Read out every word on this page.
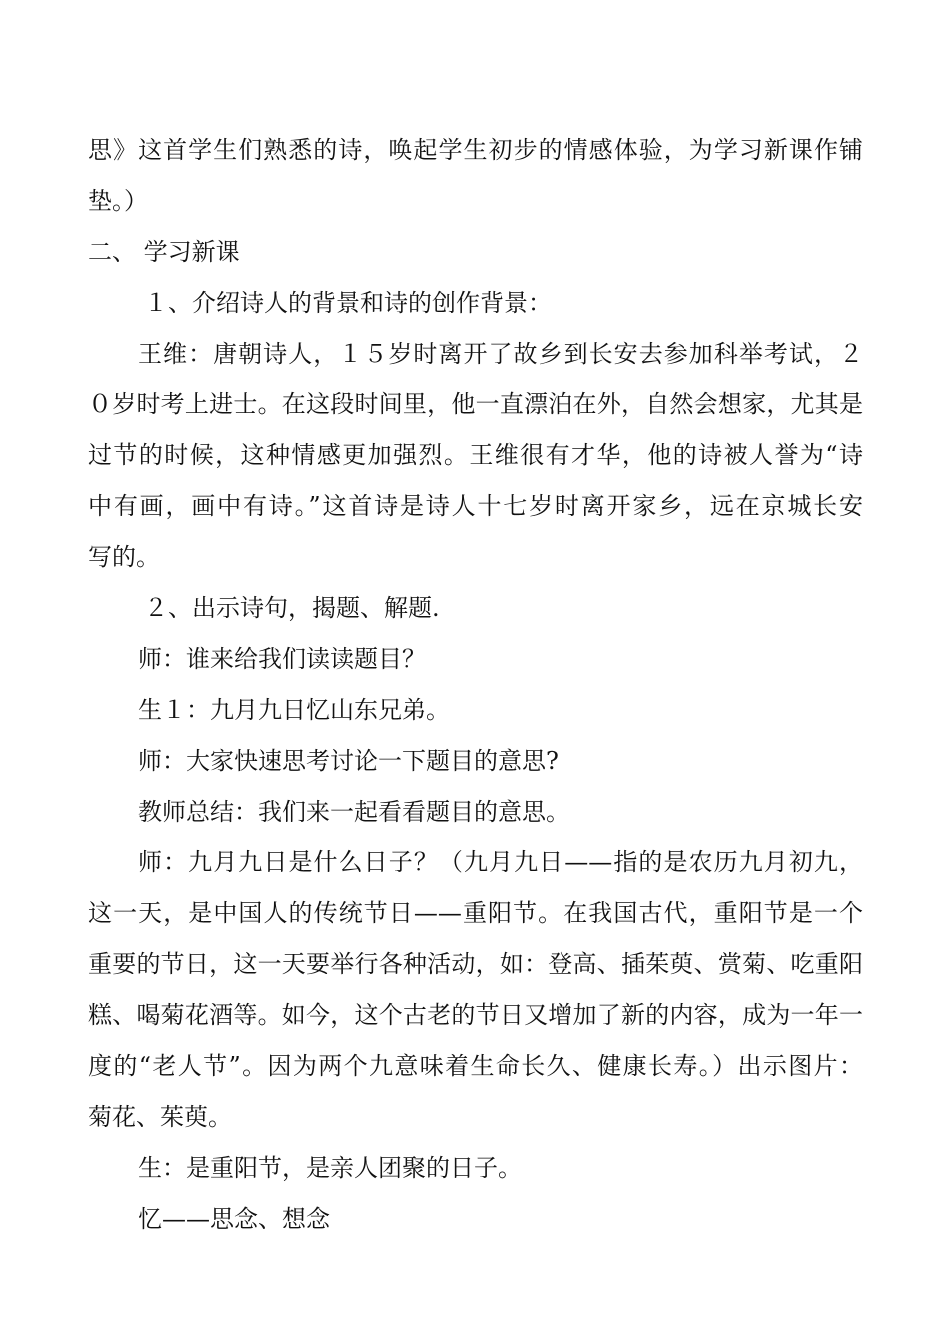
思》这首学生们熟悉的诗，唤起学生初步的情感体验，为学习新课作铺
垫。）
二、 学习新课
１、介绍诗人的背景和诗的创作背景：
王维：唐朝诗人，１５岁时离开了故乡到长安去参加科举考试，２
０岁时考上进士。在这段时间里，他一直漂泊在外，自然会想家，尤其是
过节的时候，这种情感更加强烈。王维很有才华，他的诗被人誉为“诗
中有画，画中有诗。”这首诗是诗人十七岁时离开家乡，远在京城长安
写的。
２、出示诗句，揭题、解题.
师：谁来给我们读读题目？
生１：九月九日忆山东兄弟。
师：大家快速思考讨论一下题目的意思?
教师总结：我们来一起看看题目的意思。
师：九月九日是什么日子？（九月九日——指的是农历九月初九，
这一天，是中国人的传统节日——重阳节。在我国古代，重阳节是一个
重要的节日，这一天要举行各种活动，如：登高、插茱萸、赏菊、吃重阳
糕、喝菊花酒等。如今，这个古老的节日又增加了新的内容，成为一年一
度的“老人节”。因为两个九意味着生命长久、健康长寿。）出示图片：
菊花、茱萸。
生：是重阳节，是亲人团聚的日子。
忆——思念、想念
